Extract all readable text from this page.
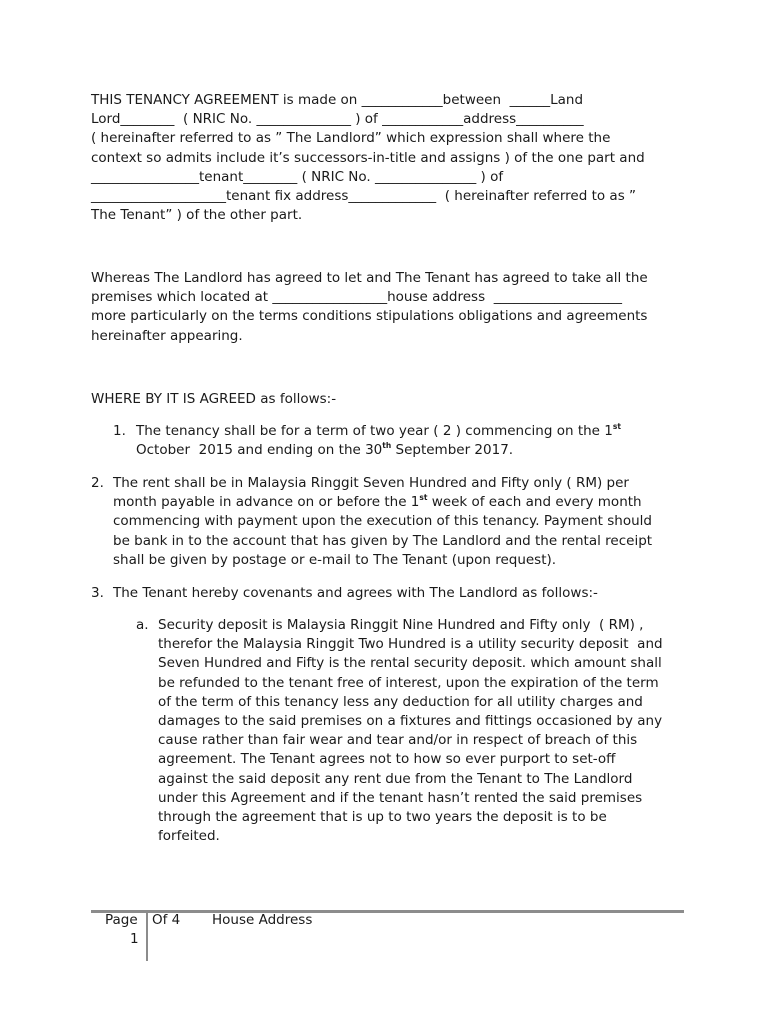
THIS TENANCY AGREEMENT is made on ____________between  ______Land
Lord________  ( NRIC No. ______________ ) of ____________address__________
( hereinafter referred to as ” The Landlord” which expression shall where the
context so admits include it’s successors-in-title and assigns ) of the one part and
________________tenant________ ( NRIC No. _______________ ) of
____________________tenant fix address_____________  ( hereinafter referred to as ”
The Tenant” ) of the other part.
Whereas The Landlord has agreed to let and The Tenant has agreed to take all the
premises which located at _________________house address  ___________________
more particularly on the terms conditions stipulations obligations and agreements
hereinafter appearing.
WHERE BY IT IS AGREED as follows:-
1. The tenancy shall be for a term of two year ( 2 ) commencing on the 1st
October  2015 and ending on the 30th September 2017.
2. The rent shall be in Malaysia Ringgit Seven Hundred and Fifty only ( RM) per
month payable in advance on or before the 1st week of each and every month
commencing with payment upon the execution of this tenancy. Payment should
be bank in to the account that has given by The Landlord and the rental receipt
shall be given by postage or e-mail to The Tenant (upon request).
3. The Tenant hereby covenants and agrees with The Landlord as follows:-
a. Security deposit is Malaysia Ringgit Nine Hundred and Fifty only  ( RM) ,
therefor the Malaysia Ringgit Two Hundred is a utility security deposit  and
Seven Hundred and Fifty is the rental security deposit. which amount shall
be refunded to the tenant free of interest, upon the expiration of the term
of the term of this tenancy less any deduction for all utility charges and
damages to the said premises on a fixtures and fittings occasioned by any
cause rather than fair wear and tear and/or in respect of breach of this
agreement. The Tenant agrees not to how so ever purport to set-off
against the said deposit any rent due from the Tenant to The Landlord
under this Agreement and if the tenant hasn’t rented the said premises
through the agreement that is up to two years the deposit is to be
forfeited.
Page
1
Of 4 House Address
